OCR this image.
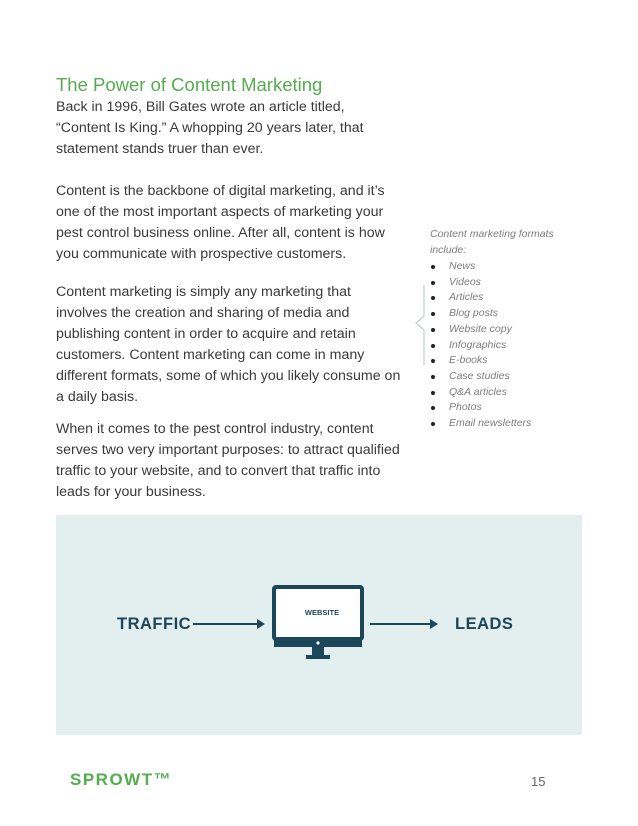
The Power of Content Marketing

Back in 1996, Bill Gates wrote an article titled, “Content Is King.” A whopping 20 years later, that statement stands truer than ever.

Content is the backbone of digital marketing, and it’s one of the most important aspects of marketing your pest control business online. After all, content is how you communicate with prospective customers.

Content marketing is simply any marketing that involves the creation and sharing of media and publishing content in order to acquire and retain customers. Content marketing can come in many different formats, some of which you likely consume on a daily basis.

When it comes to the pest control industry, content serves two very important purposes: to attract qualified traffic to your website, and to convert that traffic into leads for your business.

Content marketing formats include:
News
Videos
Articles
Blog posts
Website copy
Infographics
E-books
Case studies
Q&A articles
Photos
Email newsletters
TRAFFIC
WEBSITE
LEADS
SPROWT™	15
